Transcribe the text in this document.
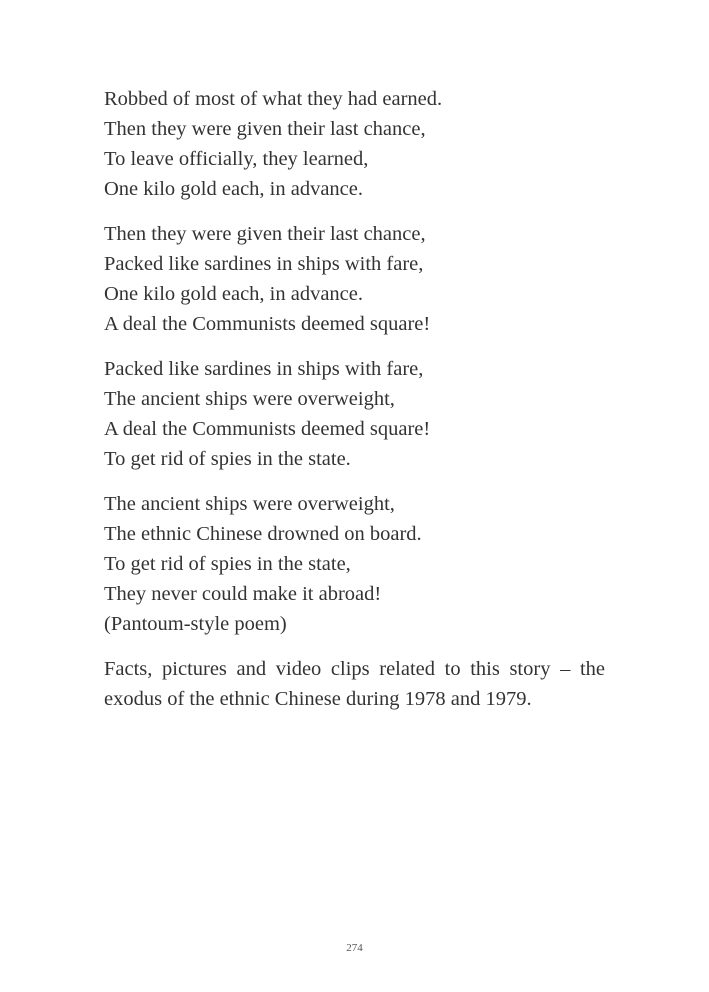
Robbed of most of what they had earned.
Then they were given their last chance,
To leave officially, they learned,
One kilo gold each, in advance.
Then they were given their last chance,
Packed like sardines in ships with fare,
One kilo gold each, in advance.
A deal the Communists deemed square!
Packed like sardines in ships with fare,
The ancient ships were overweight,
A deal the Communists deemed square!
To get rid of spies in the state.
The ancient ships were overweight,
The ethnic Chinese drowned on board.
To get rid of spies in the state,
They never could make it abroad!
(Pantoum-style poem)

Facts, pictures and video clips related to this story – the exodus of the ethnic Chinese during 1978 and 1979.

274
